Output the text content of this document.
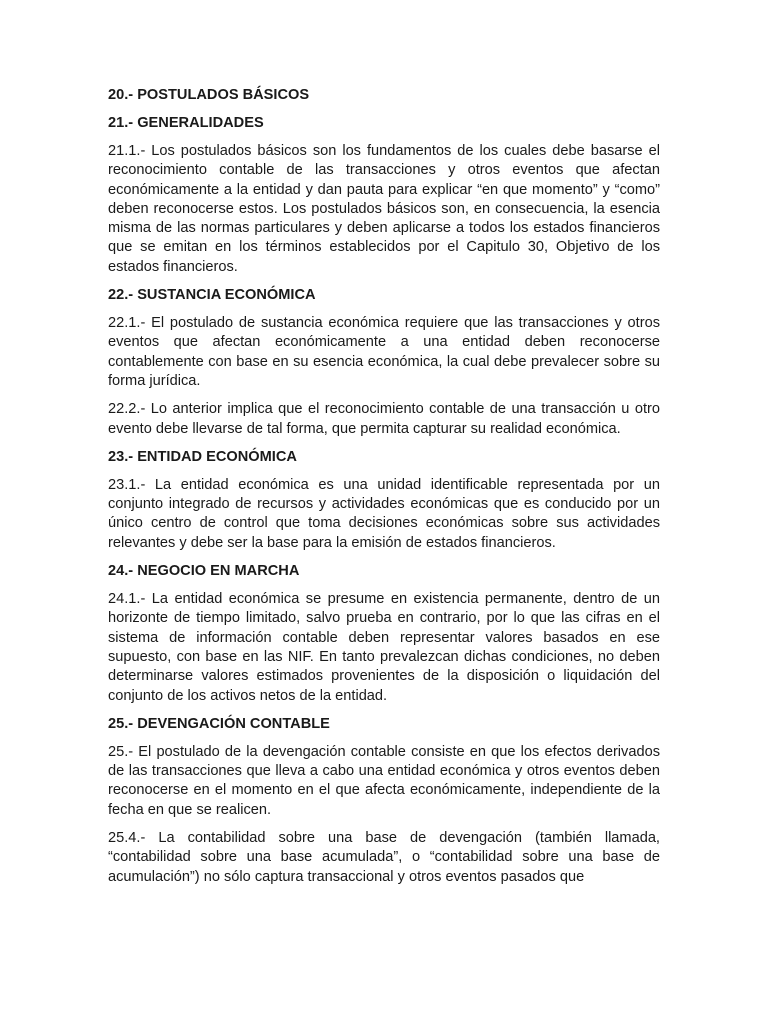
20.- POSTULADOS BÁSICOS
21.- GENERALIDADES

21.1.- Los postulados básicos son los fundamentos de los cuales debe basarse el reconocimiento contable de las transacciones y otros eventos que afectan económicamente a la entidad y dan pauta para explicar “en que momento” y “como” deben reconocerse estos. Los postulados básicos son, en consecuencia, la esencia misma de las normas particulares y deben aplicarse a todos los estados financieros que se emitan en los términos establecidos por el Capitulo 30, Objetivo de los estados financieros.

22.- SUSTANCIA ECONÓMICA

22.1.- El postulado de sustancia económica requiere que las transacciones y otros eventos que afectan económicamente a una entidad deben reconocerse contablemente con base en su esencia económica, la cual debe prevalecer sobre su forma jurídica.

22.2.- Lo anterior implica que el reconocimiento contable de una transacción u otro evento debe llevarse de tal forma, que permita capturar su realidad económica.

23.- ENTIDAD ECONÓMICA

23.1.- La entidad económica es una unidad identificable representada por un conjunto integrado de recursos y actividades económicas que es conducido por un único centro de control que toma decisiones económicas sobre sus actividades relevantes y debe ser la base para la emisión de estados financieros.

24.- NEGOCIO EN MARCHA

24.1.- La entidad económica se presume en existencia permanente, dentro de un horizonte de tiempo limitado, salvo prueba en contrario, por lo que las cifras en el sistema de información contable deben representar valores basados en ese supuesto, con base en las NIF. En tanto prevalezcan dichas condiciones, no deben determinarse valores estimados provenientes de la disposición o liquidación del conjunto de los activos netos de la entidad.

25.- DEVENGACIÓN CONTABLE

25.- El postulado de la devengación contable consiste en que los efectos derivados de las transacciones que lleva a cabo una entidad económica y otros eventos deben reconocerse en el momento en el que afecta económicamente, independiente de la fecha en que se realicen.

25.4.- La contabilidad sobre una base de devengación (también llamada, “contabilidad sobre una base acumulada”, o “contabilidad sobre una base de acumulación”) no sólo captura transaccional y otros eventos pasados que
